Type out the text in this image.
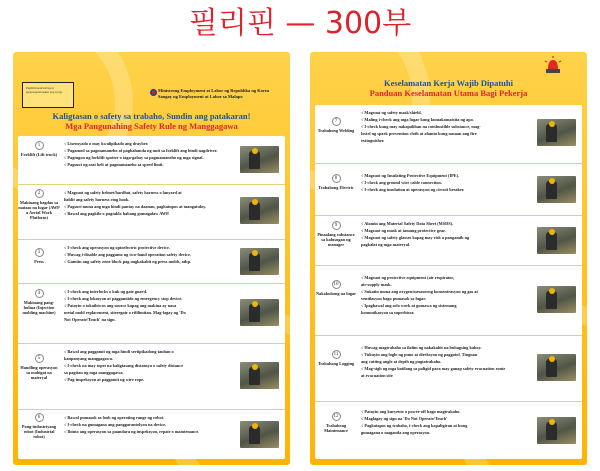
필리핀 — 300부
Pagbibinandeoshing at pangungalanngkan ang iyong	Ministrong Employment at Labor ng Republika ng Korea
Sangay ng Employment at Labor sa Malapo
Kaligtasan o safety sa trabaho, Sundin ang patakaran!
Mga Pangunahing Safety Rule ng Manggagawa
1
Forklift (Lift truck)
√ Lisensyado o may kwalipikado ang drayber.
√ Pagamod sa pagmamaneho at paghahanda ng unit sa forklift ang hindi nagdriver.
√ Pagtugon ng forklift spotter o taga-gabay sa pagmamaneho ng mga signal.
√ Pagsuot ng seat belt at pagmamaneho sa speed limit.
2
Makinang bagdao sa mataas na lugar (AWP a Aerial Work Platform)
√ Magsuot ng safety helmet/hardhat, safety harness o lanyard at
liablit ang safety harness ring hook.
√ Pagsuri muna ang mga hindi pantay na daanan, paghatupos at mangatuloy.
√ Bawal ang pagkilo o pagtaklo habang gumagalaw AWP.
3
Press
√ I-check ang operasyon ng optoelectric protective device.
√ Huwag i-disable ang paggamo ng two-hand operation safety device.
√ Gamitn ang safety zone block pag nagkakabit ng press molds, atbp.
4
Makinang pang-hulma (Injection molding machine)
√ I-check ang interlocks o kuk ng gate guard.
√ I-check ang lokasyon at paggamitdo ng emergency stop device.
√ Patayin o tokaihiwos ang source kapag ang makina ay nasa
metal mold replacement, siteregair o rifilimitan. Mag-lagay ng 'Do
Not Operate/Touch' na sign.
5
Handling operasyon sa mabigat na materyal
√ Bawal ang paggamit ng mga hindi sertipikadong tauhan o
kanpanyang manggagawa.
√ I-check na may topet na kaligtasang distansya o safety distance
sa pagitan ng mga manggagawa.
√ Pag-inspeksyon at paggamit ng wire rope.
6
Pang-industriyang robot (Industrial robot)
√ Bawal pumasok sa loob ng operating range ng robot.
√ I-check na gumagana ang panggarantolyon na device.
√ Ihinto ang operasyon sa paandara ng inspeksyon, repair o maintenance.
Keselamatan Kerja Wajib Dipatuhi
Panduan Keselamatan Utama Bagi Pekerja
7
Trabahong Welding
√ Magsuot ng safety mask/shield.
√ Maling i-check ang mga lugar kung kumakamatsita ng apo.
√ I-check kung may nakapaliban na combustible substance, mag-
lostel ng spark prevention cloth at alamin kung nasaan ang fire
extinguisher.
8
Trabahong Electric
√ Magsuot ng Insulating Protective Equipment (IPE).
√ I-check ang ground wire cable connection.
√ I-check ang insulation at operasyon ng circuit breaker.
9
Pinaalang substance sa kalusugan ng manager
√ Alamin ang Material Safety Data Sheet (MSDS).
√ Magsuot ng mask at tamang protective gear.
√ Magsuot ng safety glasses kapag may risk a pangamib ng
pagkalat ng mga materyal.
10
Nakakubong na lugar
√ Magsuot ng protective equipment (air respirator,
air-supply mask.
√ Sukatin muna ang oxygen/mesasorng konsentrasyon ng gas at
ventilasyon bago pumasok sa lugar.
√ Ipagbawal ang solo work at gumawa ng sistemang
komunikasyon sa superbisor.
11
Trabahong Logging
√ Huwag magtrabaho sa ilalim ng nakakabit na bubagsing kahoy.
√ Tukuyin ang loglo ng puno at direksyon ng paggotol. Tingnan
ang cutting angle at depth ng pagtatrabaho.
√ Mag-sigh ng mga batilang sa paligid para may ganap safety evacuation route
at evacuation site
12
Trabahong Maintenance
√ Patayin ang kuryente o power-off bago magtrabaho.
√ Maglagay ng sign na 'Do Not Operate/Touch'
√ Pagkatapos ng trabaho, i-check ang kapaligiran at kung
gumagana o maganda ang operasyon.
